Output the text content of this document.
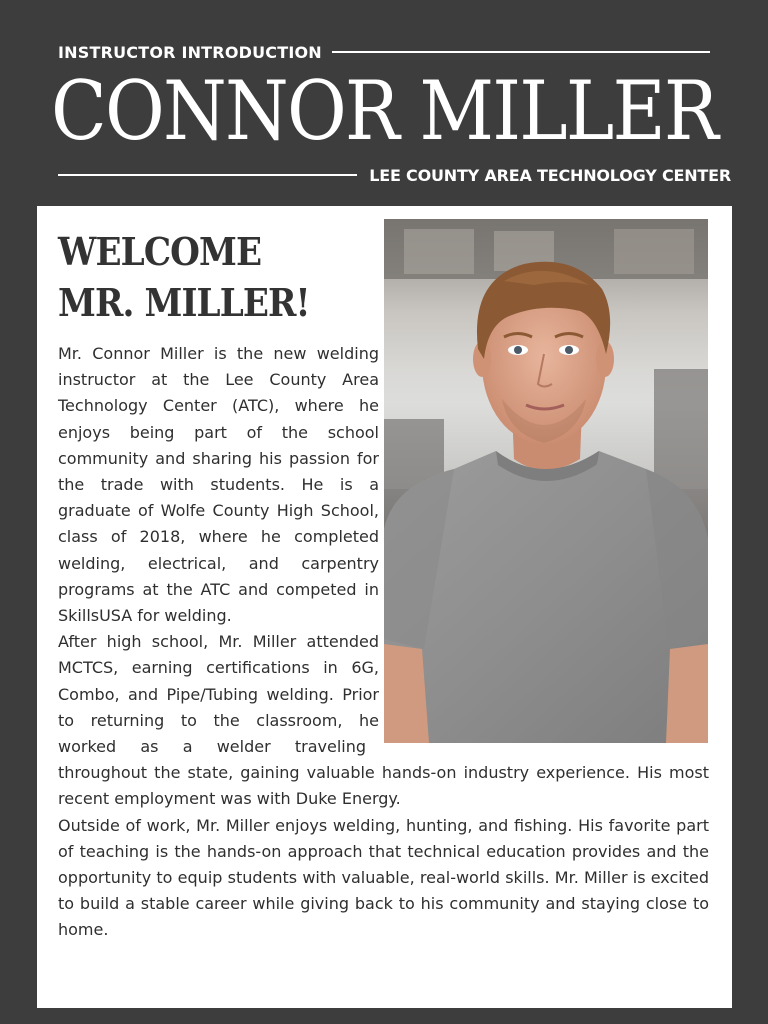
INSTRUCTOR INTRODUCTION
CONNOR MILLER
LEE COUNTY AREA TECHNOLOGY CENTER
WELCOME
MR. MILLER!

Mr. Connor Miller is the new welding instructor at the Lee County Area Technology Center (ATC), where he enjoys being part of the school community and sharing his passion for the trade with students. He is a graduate of Wolfe County High School, class of 2018, where he completed welding, electrical, and carpentry programs at the ATC and competed in SkillsUSA for welding.

After high school, Mr. Miller attended MCTCS, earning certifications in 6G, Combo, and Pipe/Tubing welding. Prior to returning to the classroom, he worked as a welder traveling throughout the state, gaining valuable hands-on industry experience. His most recent employment was with Duke Energy.

Outside of work, Mr. Miller enjoys welding, hunting, and fishing. His favorite part of teaching is the hands-on approach that technical education provides and the opportunity to equip students with valuable, real-world skills. Mr. Miller is excited to build a stable career while giving back to his community and staying close to home.
